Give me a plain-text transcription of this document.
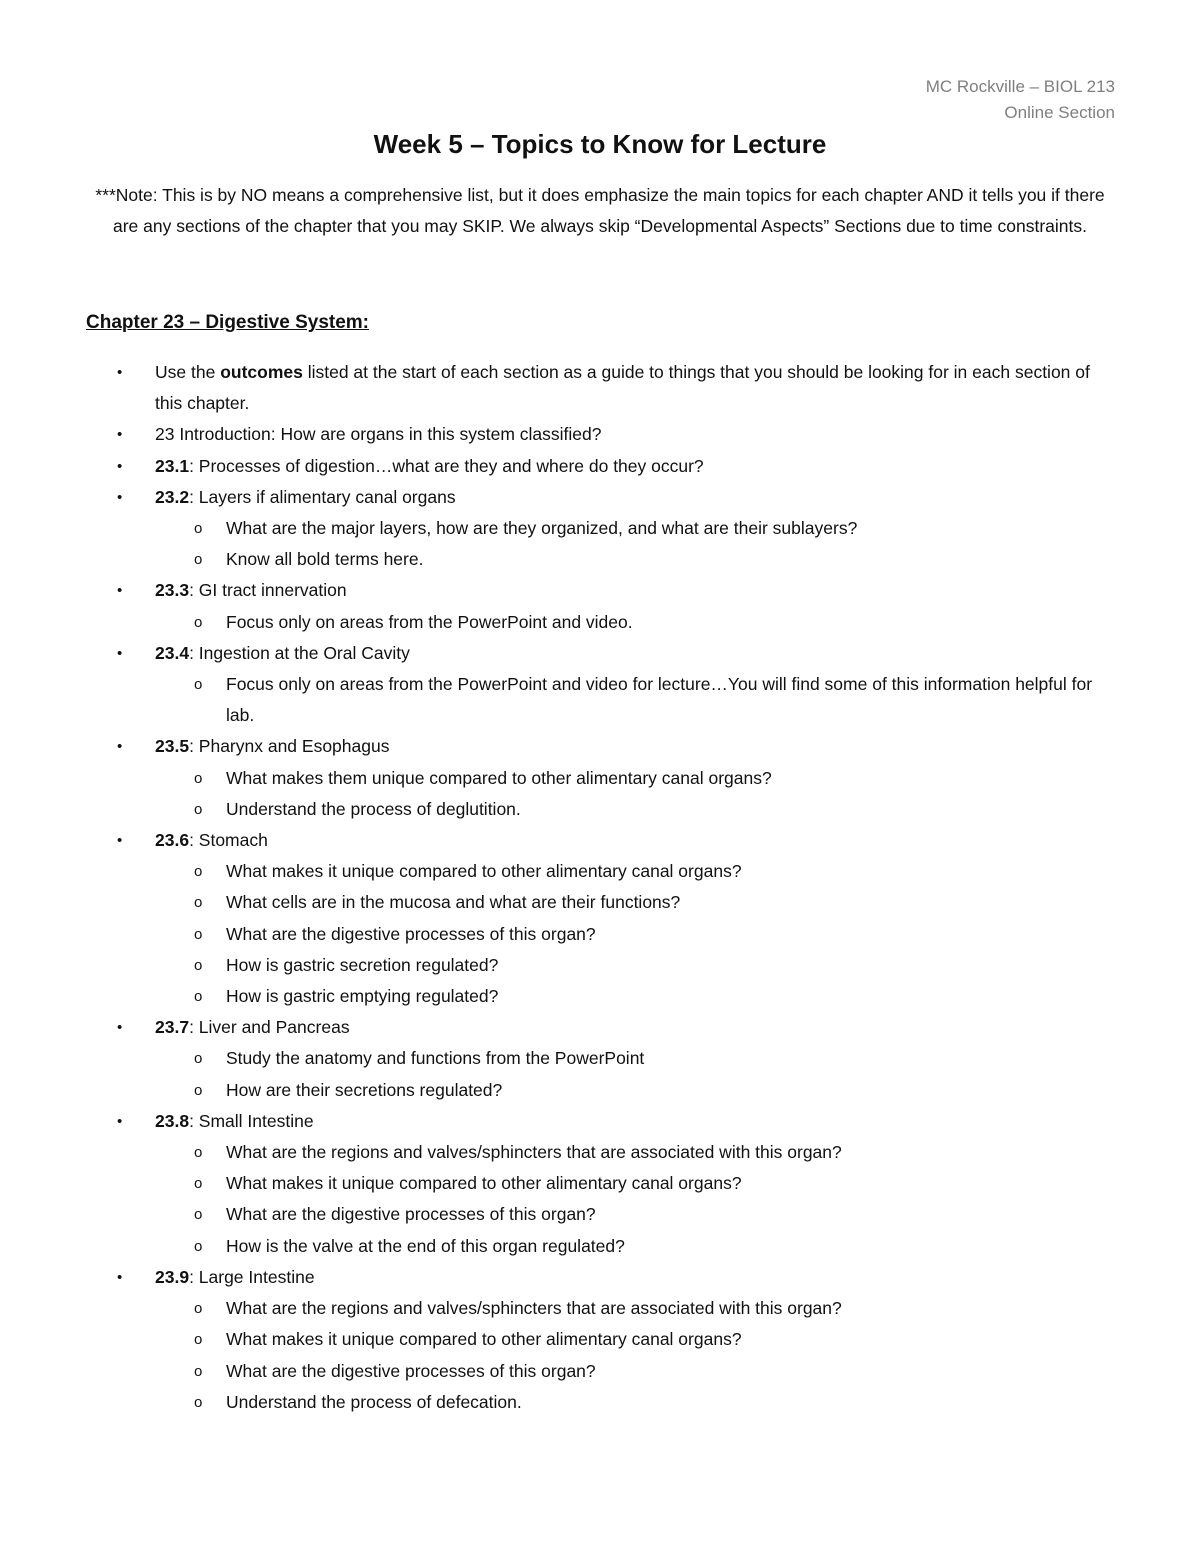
MC Rockville – BIOL 213
Online Section
Week 5 – Topics to Know for Lecture
***Note: This is by NO means a comprehensive list, but it does emphasize the main topics for each chapter AND it tells you if there are any sections of the chapter that you may SKIP. We always skip “Developmental Aspects” Sections due to time constraints.
Chapter 23 – Digestive System:
• Use the outcomes listed at the start of each section as a guide to things that you should be looking for in each section of this chapter.
• 23 Introduction: How are organs in this system classified?
• 23.1: Processes of digestion…what are they and where do they occur?
• 23.2: Layers if alimentary canal organs
o What are the major layers, how are they organized, and what are their sublayers?
o Know all bold terms here.
• 23.3: GI tract innervation
o Focus only on areas from the PowerPoint and video.
• 23.4: Ingestion at the Oral Cavity
o Focus only on areas from the PowerPoint and video for lecture…You will find some of this information helpful for lab.
• 23.5: Pharynx and Esophagus
o What makes them unique compared to other alimentary canal organs?
o Understand the process of deglutition.
• 23.6: Stomach
o What makes it unique compared to other alimentary canal organs?
o What cells are in the mucosa and what are their functions?
o What are the digestive processes of this organ?
o How is gastric secretion regulated?
o How is gastric emptying regulated?
• 23.7: Liver and Pancreas
o Study the anatomy and functions from the PowerPoint
o How are their secretions regulated?
• 23.8: Small Intestine
o What are the regions and valves/sphincters that are associated with this organ?
o What makes it unique compared to other alimentary canal organs?
o What are the digestive processes of this organ?
o How is the valve at the end of this organ regulated?
• 23.9: Large Intestine
o What are the regions and valves/sphincters that are associated with this organ?
o What makes it unique compared to other alimentary canal organs?
o What are the digestive processes of this organ?
o Understand the process of defecation.
